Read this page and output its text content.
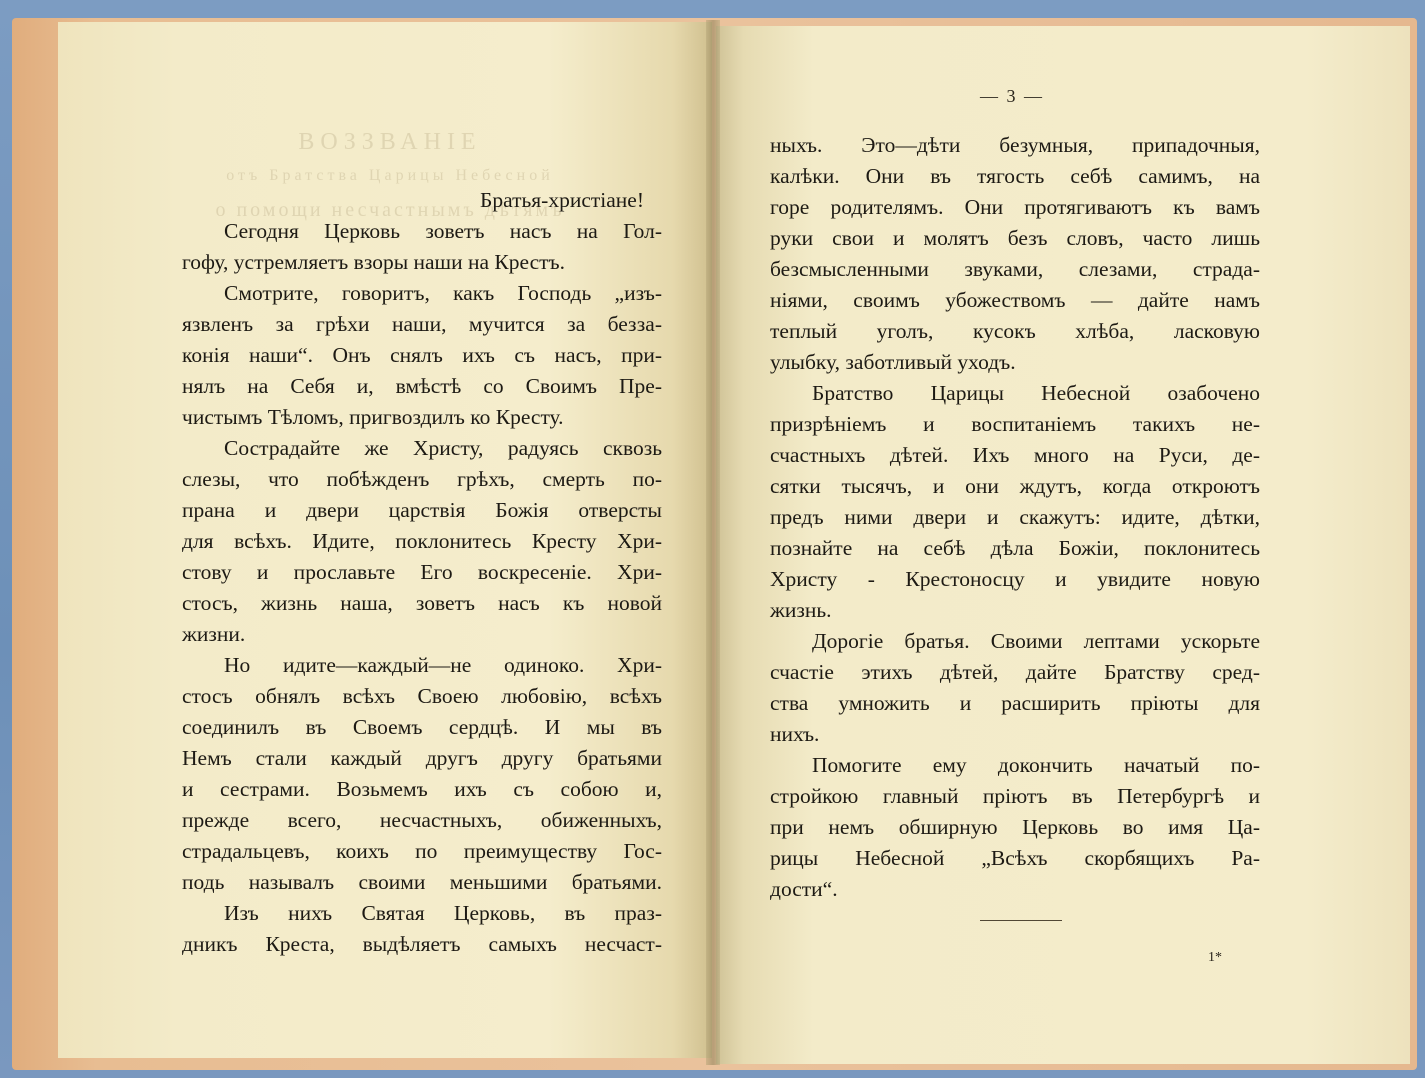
ВОЗЗВАНІЕ
отъ Братства Царицы Небесной
о помощи несчастнымъ дѣтямъ
Братья-христіане!
Сегодня Церковь зоветъ насъ на Гол-
гофу, устремляетъ взоры наши на Крестъ.
Смотрите, говоритъ, какъ Господь „изъ-
язвленъ за грѣхи наши, мучится за безза-
конія наши“. Онъ снялъ ихъ съ насъ, при-
нялъ на Себя и, вмѣстѣ со Своимъ Пре-
чистымъ Тѣломъ, пригвоздилъ ко Кресту.
Сострадайте же Христу, радуясь сквозь
слезы, что побѣжденъ грѣхъ, смерть по-
прана и двери царствія Божія отверсты
для всѣхъ. Идите, поклонитесь Кресту Хри-
стову и прославьте Его воскресеніе. Хри-
стосъ, жизнь наша, зоветъ насъ къ новой
жизни.
Но идите—каждый—не одиноко. Хри-
стосъ обнялъ всѣхъ Своею любовію, всѣхъ
соединилъ въ Своемъ сердцѣ. И мы въ
Немъ стали каждый другъ другу братьями
и сестрами. Возьмемъ ихъ съ собою и,
прежде всего, несчастныхъ, обиженныхъ,
страдальцевъ, коихъ по преимуществу Гос-
подь называлъ своими меньшими братьями.
Изъ нихъ Святая Церковь, въ праз-
дникъ Креста, выдѣляетъ самыхъ несчаст-
— 3 —
ныхъ. Это—дѣти безумныя, припадочныя,
калѣки. Они въ тягость себѣ самимъ, на
горе родителямъ. Они протягиваютъ къ вамъ
руки свои и молятъ безъ словъ, часто лишь
безсмысленными звуками, слезами, страда-
ніями, своимъ убожествомъ — дайте намъ
теплый уголъ, кусокъ хлѣба, ласковую
улыбку, заботливый уходъ.
Братство Царицы Небесной озабочено
призрѣніемъ и воспитаніемъ такихъ не-
счастныхъ дѣтей. Ихъ много на Руси, де-
сятки тысячъ, и они ждутъ, когда откроютъ
предъ ними двери и скажутъ: идите, дѣтки,
познайте на себѣ дѣла Божіи, поклонитесь
Христу - Крестоносцу и увидите новую
жизнь.
Дорогіе братья. Своими лептами ускорьте
счастіе этихъ дѣтей, дайте Братству сред-
ства умножить и расширить пріюты для
нихъ.
Помогите ему докончить начатый по-
стройкою главный пріютъ въ Петербургѣ и
при немъ обширную Церковь во имя Ца-
рицы Небесной „Всѣхъ скорбящихъ Ра-
дости“.
1*
